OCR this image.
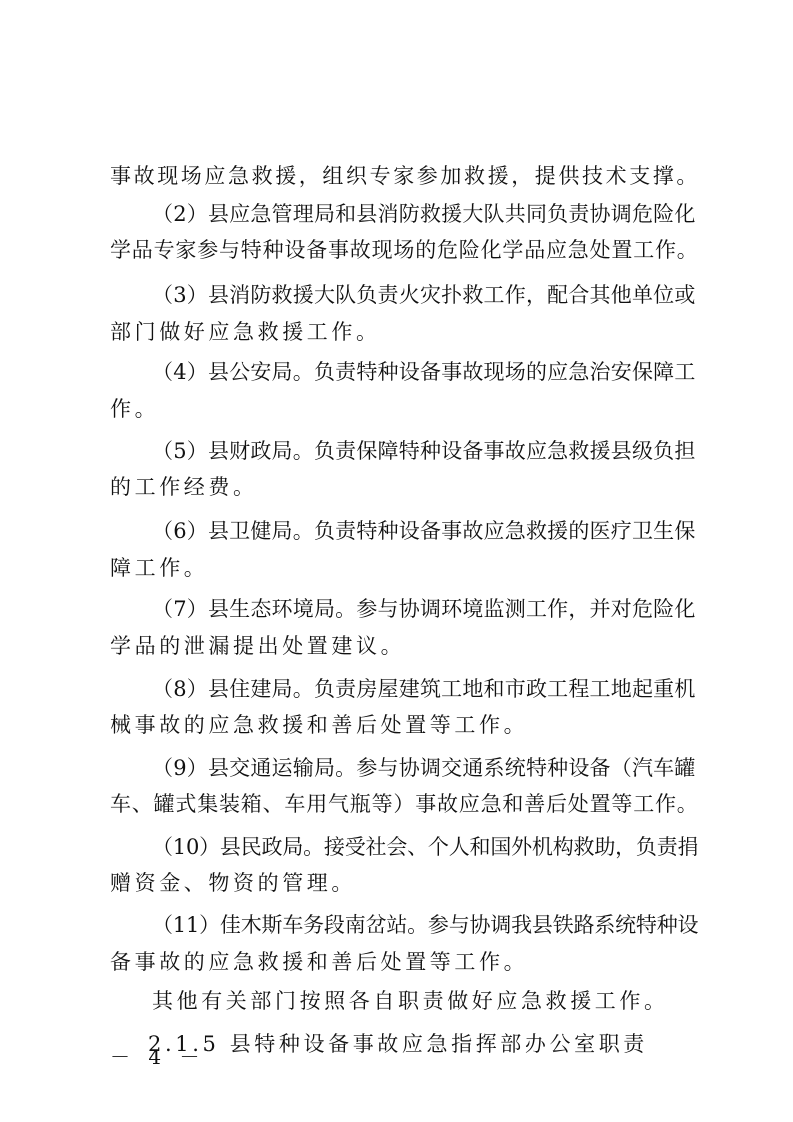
事故现场应急救援，组织专家参加救援，提供技术支撑。
（2）县应急管理局和县消防救援大队共同负责协调危险化
学品专家参与特种设备事故现场的危险化学品应急处置工作。
（3）县消防救援大队负责火灾扑救工作，配合其他单位或
部门做好应急救援工作。
（4）县公安局。负责特种设备事故现场的应急治安保障工
作。
（5）县财政局。负责保障特种设备事故应急救援县级负担
的工作经费。
（6）县卫健局。负责特种设备事故应急救援的医疗卫生保
障工作。
（7）县生态环境局。参与协调环境监测工作，并对危险化
学品的泄漏提出处置建议。
（8）县住建局。负责房屋建筑工地和市政工程工地起重机
械事故的应急救援和善后处置等工作。
（9）县交通运输局。参与协调交通系统特种设备（汽车罐
车、罐式集装箱、车用气瓶等）事故应急和善后处置等工作。
（10）县民政局。接受社会、个人和国外机构救助，负责捐
赠资金、物资的管理。
（11）佳木斯车务段南岔站。参与协调我县铁路系统特种设
备事故的应急救援和善后处置等工作。
其他有关部门按照各自职责做好应急救援工作。
2.1.5 县特种设备事故应急指挥部办公室职责
－ 4 －
